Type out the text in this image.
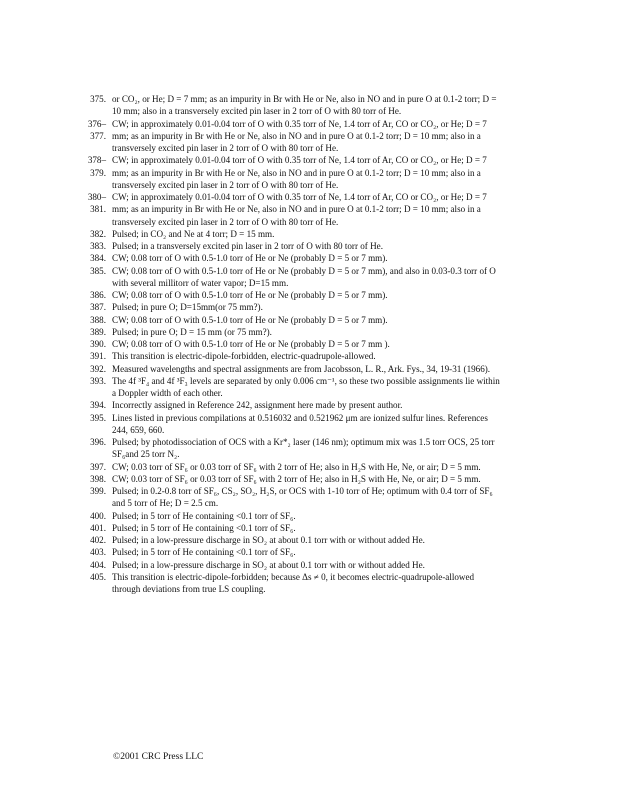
375. or CO₂, or He; D = 7 mm; as an impurity in Br with He or Ne, also in NO and in pure O at 0.1-2 torr; D = 10 mm; also in a transversely excited pin laser in 2 torr of O with 80 torr of He.
376–
377.
CW; in approximately 0.01-0.04 torr of O with 0.35 torr of Ne, 1.4 torr of Ar, CO or CO₂, or He; D = 7 mm; as an impurity in Br with He or Ne, also in NO and in pure O at 0.1-2 torr; D = 10 mm; also in a transversely excited pin laser in 2 torr of O with 80 torr of He.
378–
379.
CW; in approximately 0.01-0.04 torr of O with 0.35 torr of Ne, 1.4 torr of Ar, CO or CO₂, or He; D = 7 mm; as an impurity in Br with He or Ne, also in NO and in pure O at 0.1-2 torr; D = 10 mm; also in a transversely excited pin laser in 2 torr of O with 80 torr of He.
380–
381.
CW; in approximately 0.01-0.04 torr of O with 0.35 torr of Ne, 1.4 torr of Ar, CO or CO₂, or He; D = 7 mm; as an impurity in Br with He or Ne, also in NO and in pure O at 0.1-2 torr; D = 10 mm; also in a transversely excited pin laser in 2 torr of O with 80 torr of He.
382. Pulsed; in CO₂ and Ne at 4 torr; D = 15 mm.
383. Pulsed; in a transversely excited pin laser in 2 torr of O with 80 torr of He.
384. CW; 0.08 torr of O with 0.5-1.0 torr of He or Ne (probably D = 5 or 7 mm).
385. CW; 0.08 torr of O with 0.5-1.0 torr of He or Ne (probably D = 5 or 7 mm), and also in 0.03-0.3 torr of O with several millitorr of water vapor; D=15 mm.
386. CW; 0.08 torr of O with 0.5-1.0 torr of He or Ne (probably D = 5 or 7 mm).
387. Pulsed; in pure O; D=15mm(or 75 mm?).
388. CW; 0.08 torr of O with 0.5-1.0 torr of He or Ne (probably D = 5 or 7 mm).
389. Pulsed; in pure O; D = 15 mm (or 75 mm?).
390. CW; 0.08 torr of O with 0.5-1.0 torr of He or Ne (probably D = 5 or 7 mm ).
391. This transition is electric-dipole-forbidden, electric-quadrupole-allowed.
392. Measured wavelengths and spectral assignments are from Jacobsson, L. R., Ark. Fys., 34, 19-31 (1966).
393. The 4f ³F₄ and 4f ³F₃ levels are separated by only 0.006 cm⁻¹, so these two possible assignments lie within a Doppler width of each other.
394. Incorrectly assigned in Reference 242, assignment here made by present author.
395. Lines listed in previous compilations at 0.516032 and 0.521962 μm are ionized sulfur lines. References 244, 659, 660.
396. Pulsed; by photodissociation of OCS with a Kr*₂ laser (146 nm); optimum mix was 1.5 torr OCS, 25 torr SF₆and 25 torr N₂.
397. CW; 0.03 torr of SF₆ or 0.03 torr of SF₆ with 2 torr of He; also in H₂S with He, Ne, or air; D = 5 mm.
398. CW; 0.03 torr of SF₆ or 0.03 torr of SF₆ with 2 torr of He; also in H₂S with He, Ne, or air; D = 5 mm.
399. Pulsed; in 0.2-0.8 torr of SF₆, CS₂, SO₂, H₂S, or OCS with 1-10 torr of He; optimum with 0.4 torr of SF₆ and 5 torr of He; D = 2.5 cm.
400. Pulsed; in 5 torr of He containing <0.1 torr of SF₆.
401. Pulsed; in 5 torr of He containing <0.1 torr of SF₆.
402. Pulsed; in a low-pressure discharge in SO₂ at about 0.1 torr with or without added He.
403. Pulsed; in 5 torr of He containing <0.1 torr of SF₆.
404. Pulsed; in a low-pressure discharge in SO₂ at about 0.1 torr with or without added He.
405. This transition is electric-dipole-forbidden; because Δs ≠ 0, it becomes electric-quadrupole-allowed through deviations from true LS coupling.
©2001 CRC Press LLC
